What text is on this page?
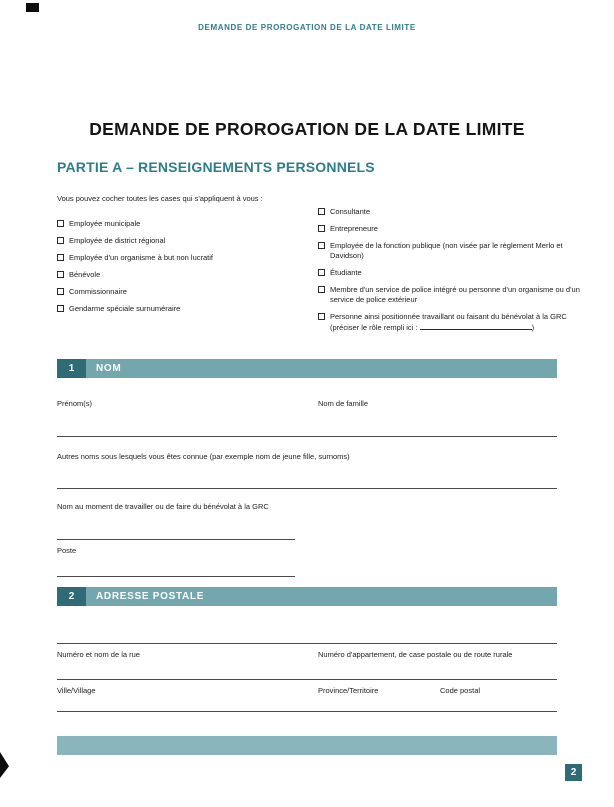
DEMANDE DE PROROGATION DE LA DATE LIMITE
DEMANDE DE PROROGATION DE LA DATE LIMITE
PARTIE A – RENSEIGNEMENTS PERSONNELS

Vous pouvez cocher toutes les cases qui s'appliquent à vous :

Employée municipale
Employée de district régional
Employée d'un organisme à but non lucratif
Bénévole
Commissionnaire
Gendarme spéciale surnuméraire
Consultante
Entrepreneure
Employée de la fonction publique (non visée par le règlement Merlo et Davidson)
Étudiante
Membre d'un service de police intégré ou personne d'un organisme ou d'un service de police extérieur
Personne ainsi positionnée travaillant ou faisant du bénévolat à la GRC
(préciser le rôle rempli ici :	)
1	NOM
Prénom(s)	Nom de famille
Autres noms sous lesquels vous êtes connue (par exemple nom de jeune fille, surnoms)
Nom au moment de travailler ou de faire du bénévolat à la GRC
Poste
2	ADRESSE POSTALE
Numéro et nom de la rue	Numéro d'appartement, de case postale ou de route rurale
Ville/Village	Province/Territoire	Code postal
2
